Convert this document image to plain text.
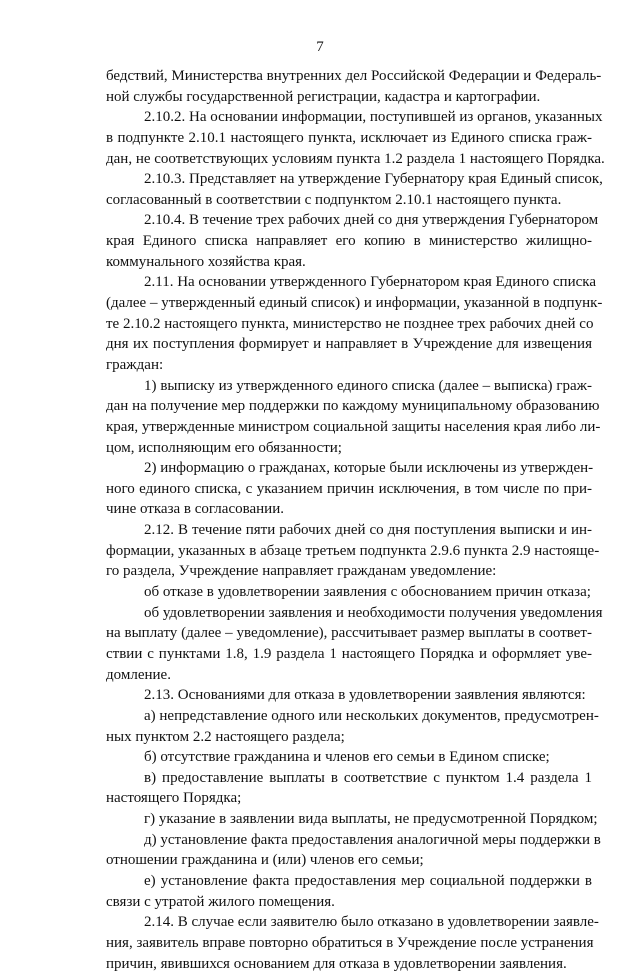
7
бедствий, Министерства внутренних дел Российской Федерации и Федераль-
ной службы государственной регистрации, кадастра и картографии.
2.10.2. На основании информации, поступившей из органов, указанных
в подпункте 2.10.1 настоящего пункта, исключает из Единого списка граж-
дан, не соответствующих условиям пункта 1.2 раздела 1 настоящего Порядка.
2.10.3. Представляет на утверждение Губернатору края Единый список,
согласованный в соответствии с подпунктом 2.10.1 настоящего пункта.
2.10.4. В течение трех рабочих дней со дня утверждения Губернатором
края Единого списка направляет его копию в министерство жилищно-
коммунального хозяйства края.
2.11. На основании утвержденного Губернатором края Единого списка
(далее – утвержденный единый список) и информации, указанной в подпунк-
те 2.10.2 настоящего пункта, министерство не позднее трех рабочих дней со
дня их поступления формирует и направляет в Учреждение для извещения
граждан:
1) выписку из утвержденного единого списка (далее – выписка) граж-
дан на получение мер поддержки по каждому муниципальному образованию
края, утвержденные министром социальной защиты населения края либо ли-
цом, исполняющим его обязанности;
2) информацию о гражданах, которые были исключены из утвержден-
ного единого списка, с указанием причин исключения, в том числе по при-
чине отказа в согласовании.
2.12. В течение пяти рабочих дней со дня поступления выписки и ин-
формации, указанных в абзаце третьем подпункта 2.9.6 пункта 2.9 настояще-
го раздела, Учреждение направляет гражданам уведомление:
об отказе в удовлетворении заявления с обоснованием причин отказа;
об удовлетворении заявления и необходимости получения уведомления
на выплату (далее – уведомление), рассчитывает размер выплаты в соответ-
ствии с пунктами 1.8, 1.9 раздела 1 настоящего Порядка и оформляет уве-
домление.
2.13. Основаниями для отказа в удовлетворении заявления являются:
а) непредставление одного или нескольких документов, предусмотрен-
ных пунктом 2.2 настоящего раздела;
б) отсутствие гражданина и членов его семьи в Едином списке;
в) предоставление выплаты в соответствие с пунктом 1.4 раздела 1
настоящего Порядка;
г) указание в заявлении вида выплаты, не предусмотренной Порядком;
д) установление факта предоставления аналогичной меры поддержки в
отношении гражданина и (или) членов его семьи;
е) установление факта предоставления мер социальной поддержки в
связи с утратой жилого помещения.
2.14. В случае если заявителю было отказано в удовлетворении заявле-
ния, заявитель вправе повторно обратиться в Учреждение после устранения
причин, явившихся основанием для отказа в удовлетворении заявления.
